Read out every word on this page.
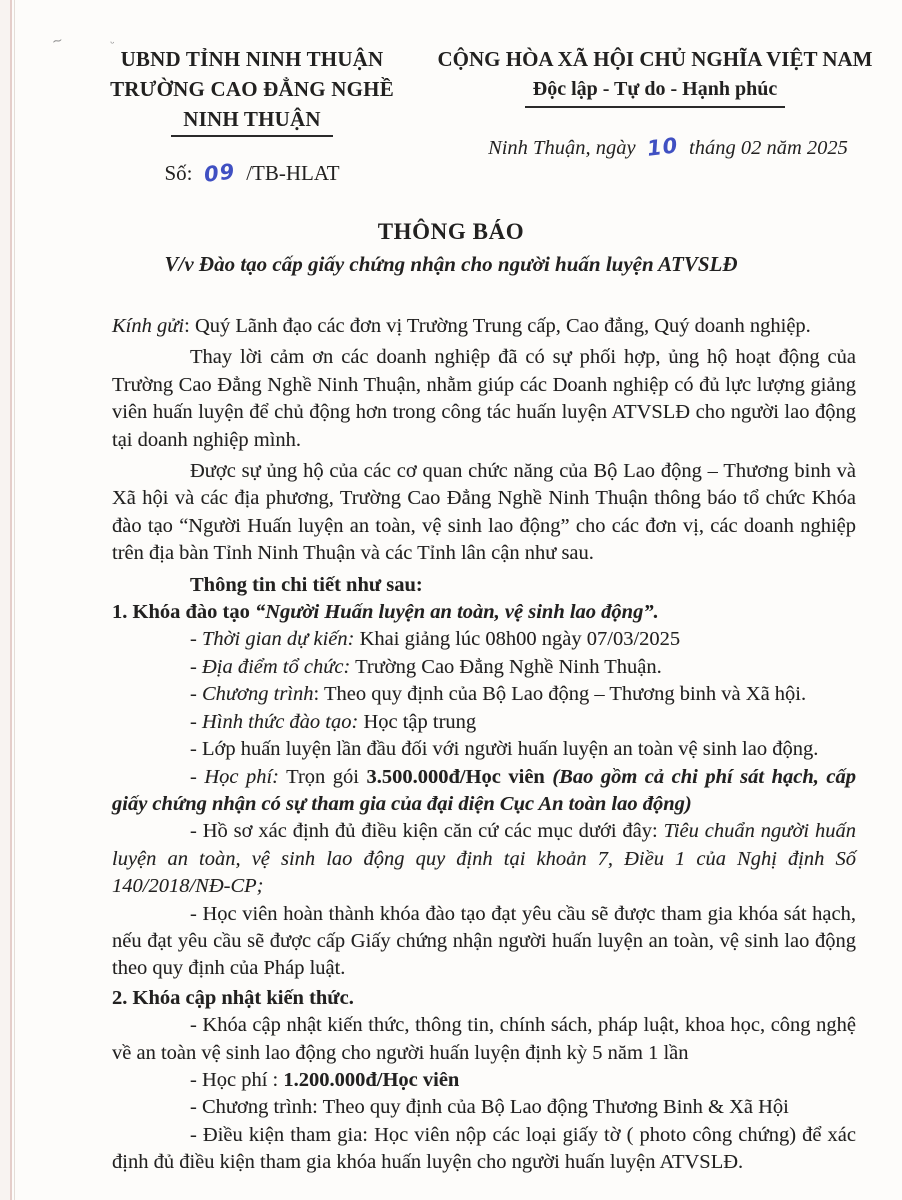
~	ᵕ
UBND TỈNH NINH THUẬN
TRƯỜNG CAO ĐẲNG NGHỀ
NINH THUẬN
Số: 09 /TB-HLAT
CỘNG HÒA XÃ HỘI CHỦ NGHĨA VIỆT NAM
Độc lập - Tự do - Hạnh phúc
Ninh Thuận, ngày 10 tháng 02 năm 2025
THÔNG BÁO
V/v Đào tạo cấp giấy chứng nhận cho người huấn luyện ATVSLĐ

Kính gửi: Quý Lãnh đạo các đơn vị Trường Trung cấp, Cao đẳng, Quý doanh nghiệp.

Thay lời cảm ơn các doanh nghiệp đã có sự phối hợp, ủng hộ hoạt động của Trường Cao Đẳng Nghề Ninh Thuận, nhằm giúp các Doanh nghiệp có đủ lực lượng giảng viên huấn luyện để chủ động hơn trong công tác huấn luyện ATVSLĐ cho người lao động tại doanh nghiệp mình.

Được sự ủng hộ của các cơ quan chức năng của Bộ Lao động – Thương binh và Xã hội và các địa phương, Trường Cao Đẳng Nghề Ninh Thuận thông báo tổ chức Khóa đào tạo “Người Huấn luyện an toàn, vệ sinh lao động” cho các đơn vị, các doanh nghiệp trên địa bàn Tỉnh Ninh Thuận và các Tỉnh lân cận như sau.

Thông tin chi tiết như sau:

1. Khóa đào tạo “Người Huấn luyện an toàn, vệ sinh lao động”.

- Thời gian dự kiến: Khai giảng lúc 08h00 ngày 07/03/2025

- Địa điểm tổ chức: Trường Cao Đẳng Nghề Ninh Thuận.

- Chương trình: Theo quy định của Bộ Lao động – Thương binh và Xã hội.

- Hình thức đào tạo: Học tập trung

- Lớp huấn luyện lần đầu đối với người huấn luyện an toàn vệ sinh lao động.

- Học phí: Trọn gói 3.500.000đ/Học viên (Bao gồm cả chi phí sát hạch, cấp giấy chứng nhận có sự tham gia của đại diện Cục An toàn lao động)

- Hồ sơ xác định đủ điều kiện căn cứ các mục dưới đây: Tiêu chuẩn người huấn luyện an toàn, vệ sinh lao động quy định tại khoản 7, Điều 1 của Nghị định Số 140/2018/NĐ-CP;

- Học viên hoàn thành khóa đào tạo đạt yêu cầu sẽ được tham gia khóa sát hạch, nếu đạt yêu cầu sẽ được cấp Giấy chứng nhận người huấn luyện an toàn, vệ sinh lao động theo quy định của Pháp luật.

2. Khóa cập nhật kiến thức.

- Khóa cập nhật kiến thức, thông tin, chính sách, pháp luật, khoa học, công nghệ về an toàn vệ sinh lao động cho người huấn luyện định kỳ 5 năm 1 lần

- Học phí : 1.200.000đ/Học viên

- Chương trình: Theo quy định của Bộ Lao động Thương Binh & Xã Hội

- Điều kiện tham gia: Học viên nộp các loại giấy tờ ( photo công chứng) để xác định đủ điều kiện tham gia khóa huấn luyện cho người huấn luyện ATVSLĐ.
